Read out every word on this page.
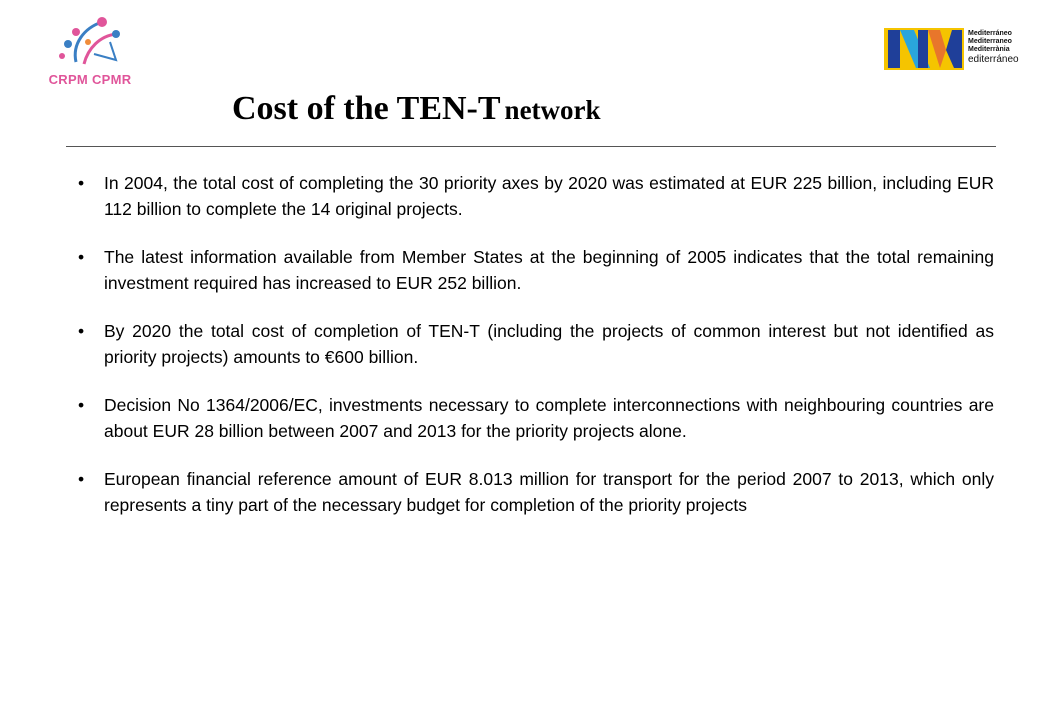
CRPM CPMR
Mediterráneo
Mediterraneo
Mediterrània
editerráneo
Cost of the TEN-T network
•	In 2004, the total cost of completing the 30 priority axes by 2020 was estimated at EUR 225 billion, including EUR 112 billion to complete the 14 original projects.
•	The latest information available from Member States at the beginning of 2005 indicates that the total remaining investment required has increased to EUR 252 billion.
•	By 2020 the total cost of completion of TEN-T (including the projects of common interest but not identified as priority projects) amounts to €600 billion.
•	Decision No 1364/2006/EC, investments necessary to complete interconnections with neighbouring countries are about EUR 28 billion between 2007 and 2013 for the priority projects alone.
•	European financial reference amount of EUR 8.013 million for transport for the period 2007 to 2013, which only represents a tiny part of the necessary budget for completion of the priority projects
